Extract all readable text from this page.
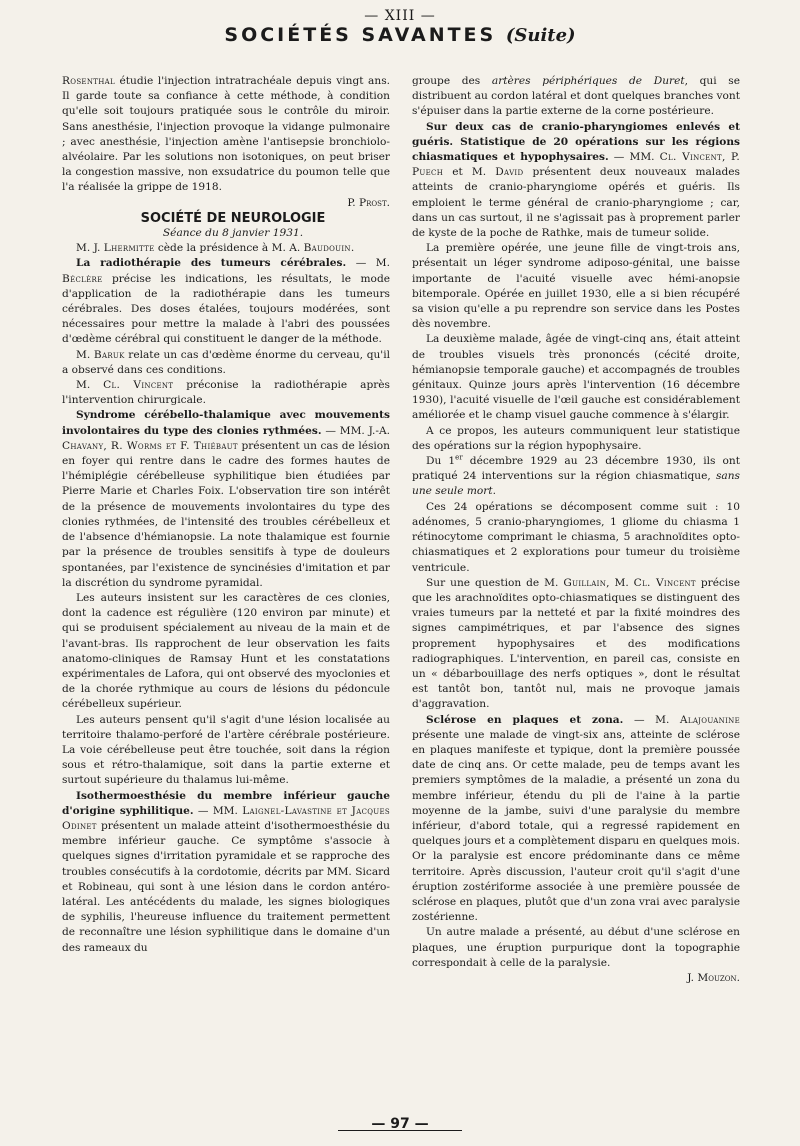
— XIII —
SOCIÉTÉS SAVANTES (Suite)

Rosenthal étudie l'injection intratrachéale depuis vingt ans. Il garde toute sa confiance à cette méthode, à condition qu'elle soit toujours pratiquée sous le contrôle du miroir. Sans anesthésie, l'injection provoque la vidange pulmonaire ; avec anesthésie, l'injection amène l'antisepsie bronchiolo-alvéolaire. Par les solutions non isotoniques, on peut briser la congestion massive, non exsudatrice du poumon telle que l'a réalisée la grippe de 1918.

P. Prost.

SOCIÉTÉ DE NEUROLOGIE

Séance du 8 janvier 1931.

M. J. Lhermitte cède la présidence à M. A. Baudouin.

La radiothérapie des tumeurs cérébrales. — M. Béclère précise les indications, les résultats, le mode d'application de la radiothérapie dans les tumeurs cérébrales. Des doses étalées, toujours modérées, sont nécessaires pour mettre la malade à l'abri des poussées d'œdème cérébral qui constituent le danger de la méthode.

M. Baruk relate un cas d'œdème énorme du cerveau, qu'il a observé dans ces conditions.

M. Cl. Vincent préconise la radiothérapie après l'intervention chirurgicale.

Syndrome cérébello-thalamique avec mouvements involontaires du type des clonies rythmées. — MM. J.-A. Chavany, R. Worms et F. Thiébaut présentent un cas de lésion en foyer qui rentre dans le cadre des formes hautes de l'hémiplégie cérébelleuse syphilitique bien étudiées par Pierre Marie et Charles Foix. L'observation tire son intérêt de la présence de mouvements involontaires du type des clonies rythmées, de l'intensité des troubles cérébelleux et de l'absence d'hémianopsie. La note thalamique est fournie par la présence de troubles sensitifs à type de douleurs spontanées, par l'existence de syncinésies d'imitation et par la discrétion du syndrome pyramidal.

Les auteurs insistent sur les caractères de ces clonies, dont la cadence est régulière (120 environ par minute) et qui se produisent spécialement au niveau de la main et de l'avant-bras. Ils rapprochent de leur observation les faits anatomo-cliniques de Ramsay Hunt et les constatations expérimentales de Lafora, qui ont observé des myoclonies et de la chorée rythmique au cours de lésions du pédoncule cérébelleux supérieur.

Les auteurs pensent qu'il s'agit d'une lésion localisée au territoire thalamo-perforé de l'artère cérébrale postérieure. La voie cérébelleuse peut être touchée, soit dans la région sous et rétro-thalamique, soit dans la partie externe et surtout supérieure du thalamus lui-même.

Isothermoesthésie du membre inférieur gauche d'origine syphilitique. — MM. Laignel-Lavastine et Jacques Odinet présentent un malade atteint d'isothermoesthésie du membre inférieur gauche. Ce symptôme s'associe à quelques signes d'irritation pyramidale et se rapproche des troubles consécutifs à la cordotomie, décrits par MM. Sicard et Robineau, qui sont à une lésion dans le cordon antéro-latéral. Les antécédents du malade, les signes biologiques de syphilis, l'heureuse influence du traitement permettent de reconnaître une lésion syphilitique dans le domaine d'un des rameaux du

groupe des artères périphériques de Duret, qui se distribuent au cordon latéral et dont quelques branches vont s'épuiser dans la partie externe de la corne postérieure.

Sur deux cas de cranio-pharyngiomes enlevés et guéris. Statistique de 20 opérations sur les régions chiasmatiques et hypophysaires. — MM. Cl. Vincent, P. Puech et M. David présentent deux nouveaux malades atteints de cranio-pharyngiome opérés et guéris. Ils emploient le terme général de cranio-pharyngiome ; car, dans un cas surtout, il ne s'agissait pas à proprement parler de kyste de la poche de Rathke, mais de tumeur solide.

La première opérée, une jeune fille de vingt-trois ans, présentait un léger syndrome adiposo-génital, une baisse importante de l'acuité visuelle avec hémi-anopsie bitemporale. Opérée en juillet 1930, elle a si bien récupéré sa vision qu'elle a pu reprendre son service dans les Postes dès novembre.

La deuxième malade, âgée de vingt-cinq ans, était atteint de troubles visuels très prononcés (cécité droite, hémianopsie temporale gauche) et accompagnés de troubles génitaux. Quinze jours après l'intervention (16 décembre 1930), l'acuité visuelle de l'œil gauche est considérablement améliorée et le champ visuel gauche commence à s'élargir.

A ce propos, les auteurs communiquent leur statistique des opérations sur la région hypophysaire.

Du 1er décembre 1929 au 23 décembre 1930, ils ont pratiqué 24 interventions sur la région chiasmatique, sans une seule mort.

Ces 24 opérations se décomposent comme suit : 10 adénomes, 5 cranio-pharyngiomes, 1 gliome du chiasma 1 rétinocytome comprimant le chiasma, 5 arachnoïdites opto-chiasmatiques et 2 explorations pour tumeur du troisième ventricule.

Sur une question de M. Guillain, M. Cl. Vincent précise que les arachnoïdites opto-chiasmatiques se distinguent des vraies tumeurs par la netteté et par la fixité moindres des signes campimétriques, et par l'absence des signes proprement hypophysaires et des modifications radiographiques. L'intervention, en pareil cas, consiste en un « débarbouillage des nerfs optiques », dont le résultat est tantôt bon, tantôt nul, mais ne provoque jamais d'aggravation.

Sclérose en plaques et zona. — M. Alajouanine présente une malade de vingt-six ans, atteinte de sclérose en plaques manifeste et typique, dont la première poussée date de cinq ans. Or cette malade, peu de temps avant les premiers symptômes de la maladie, a présenté un zona du membre inférieur, étendu du pli de l'aine à la partie moyenne de la jambe, suivi d'une paralysie du membre inférieur, d'abord totale, qui a regressé rapidement en quelques jours et a complètement disparu en quelques mois. Or la paralysie est encore prédominante dans ce même territoire. Après discussion, l'auteur croit qu'il s'agit d'une éruption zostériforme associée à une première poussée de sclérose en plaques, plutôt que d'un zona vrai avec paralysie zostérienne.

Un autre malade a présenté, au début d'une sclérose en plaques, une éruption purpurique dont la topographie correspondait à celle de la paralysie.

J. Mouzon.

— 97 —
